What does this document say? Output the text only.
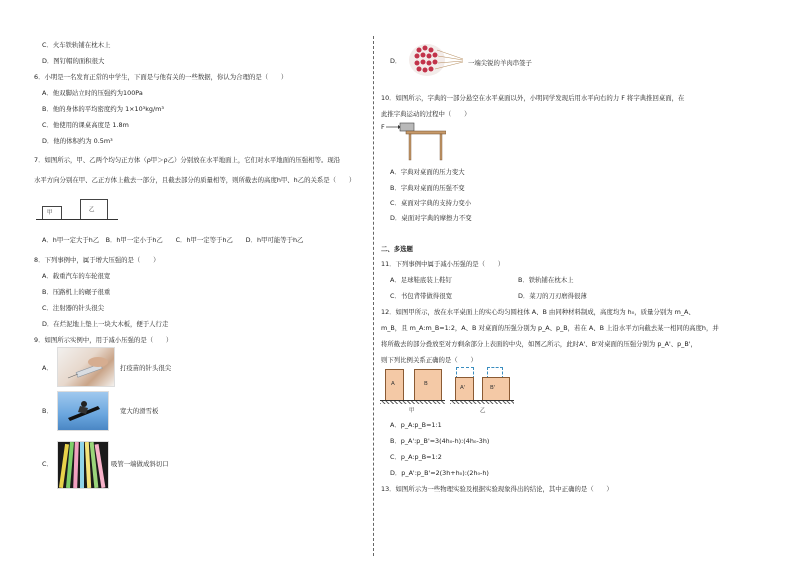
C．火车铁轨铺在枕木上
D．图钉帽的面积很大
6．小明是一名发育正常的中学生，下面是与他有关的一些数据，你认为合理的是（　　）
A．他双脚站立时的压强约为100Pa
B．他的身体的平均密度约为 1×10³kg/m³
C．他使用的课桌高度是 1.8m
D．他的体积约为 0.5m³
7．如图所示，甲、乙两个均匀正方体（ρ甲＞ρ乙）分别放在水平地面上，它们对水平地面的压强相等。现沿
水平方向分别在甲、乙正方体上截去一部分，且截去部分的质量相等，则所截去的高度h甲、h乙的关系是（　　）
甲	乙
A．h甲一定大于h乙　B．h甲一定小于h乙　　C．h甲一定等于h乙　　D．h甲可能等于h乙
8．下列事例中，属于增大压强的是（　　）
A．载重汽车的车轮很宽
B．压路机上的碾子很重
C．注射器的针头很尖
D．在烂泥地上垫上一块大木板，便于人行走
9．如图所示实例中，用于减小压强的是（　　）
A．	打疫苗的针头很尖
B．	宽大的滑雪板
C．	吸管一端做成斜切口
D．	一端尖锐的羊肉串签子
10．如图所示，字典的一部分悬空在水平桌面以外，小明同学发现后用水平向右的力 F 将字典推回桌面，在
此推字典运动的过程中（　　）
F
A．字典对桌面的压力变大
B．字典对桌面的压强不变
C．桌面对字典的支持力变小
D．桌面对字典的摩擦力不变
二、多选题
11．下列事例中属于减小压强的是（　　）
A．足球鞋底装上鞋钉	B．铁轨铺在枕木上
C．书包背带做得很宽	D．菜刀的刀刃磨得很薄
12．如图甲所示，放在水平桌面上的实心均匀圆柱体 A、B 由同种材料制成，高度均为 h₀，质量分别为 m_A、
m_B，且 m_A:m_B=1:2，A、B 对桌面的压强分别为 p_A、p_B，若在 A、B 上沿水平方向截去某一相同的高度h，并
将所截去的部分叠放至对方剩余部分上表面的中央，如图乙所示，此时A'、B'对桌面的压强分别为 p_A'、p_B'，
则下列比例关系正确的是（　　）
A	B
A'	B'
甲	乙
A．p_A:p_B=1:1
B．p_A':p_B'=3(4h₀-h):(4h₀-3h)
C．p_A:p_B=1:2
D．p_A':p_B'=2(3h+h₀):(2h₀-h)
13．如图所示为一些物理实验及根据实验现象得出的结论，其中正确的是（　　）
